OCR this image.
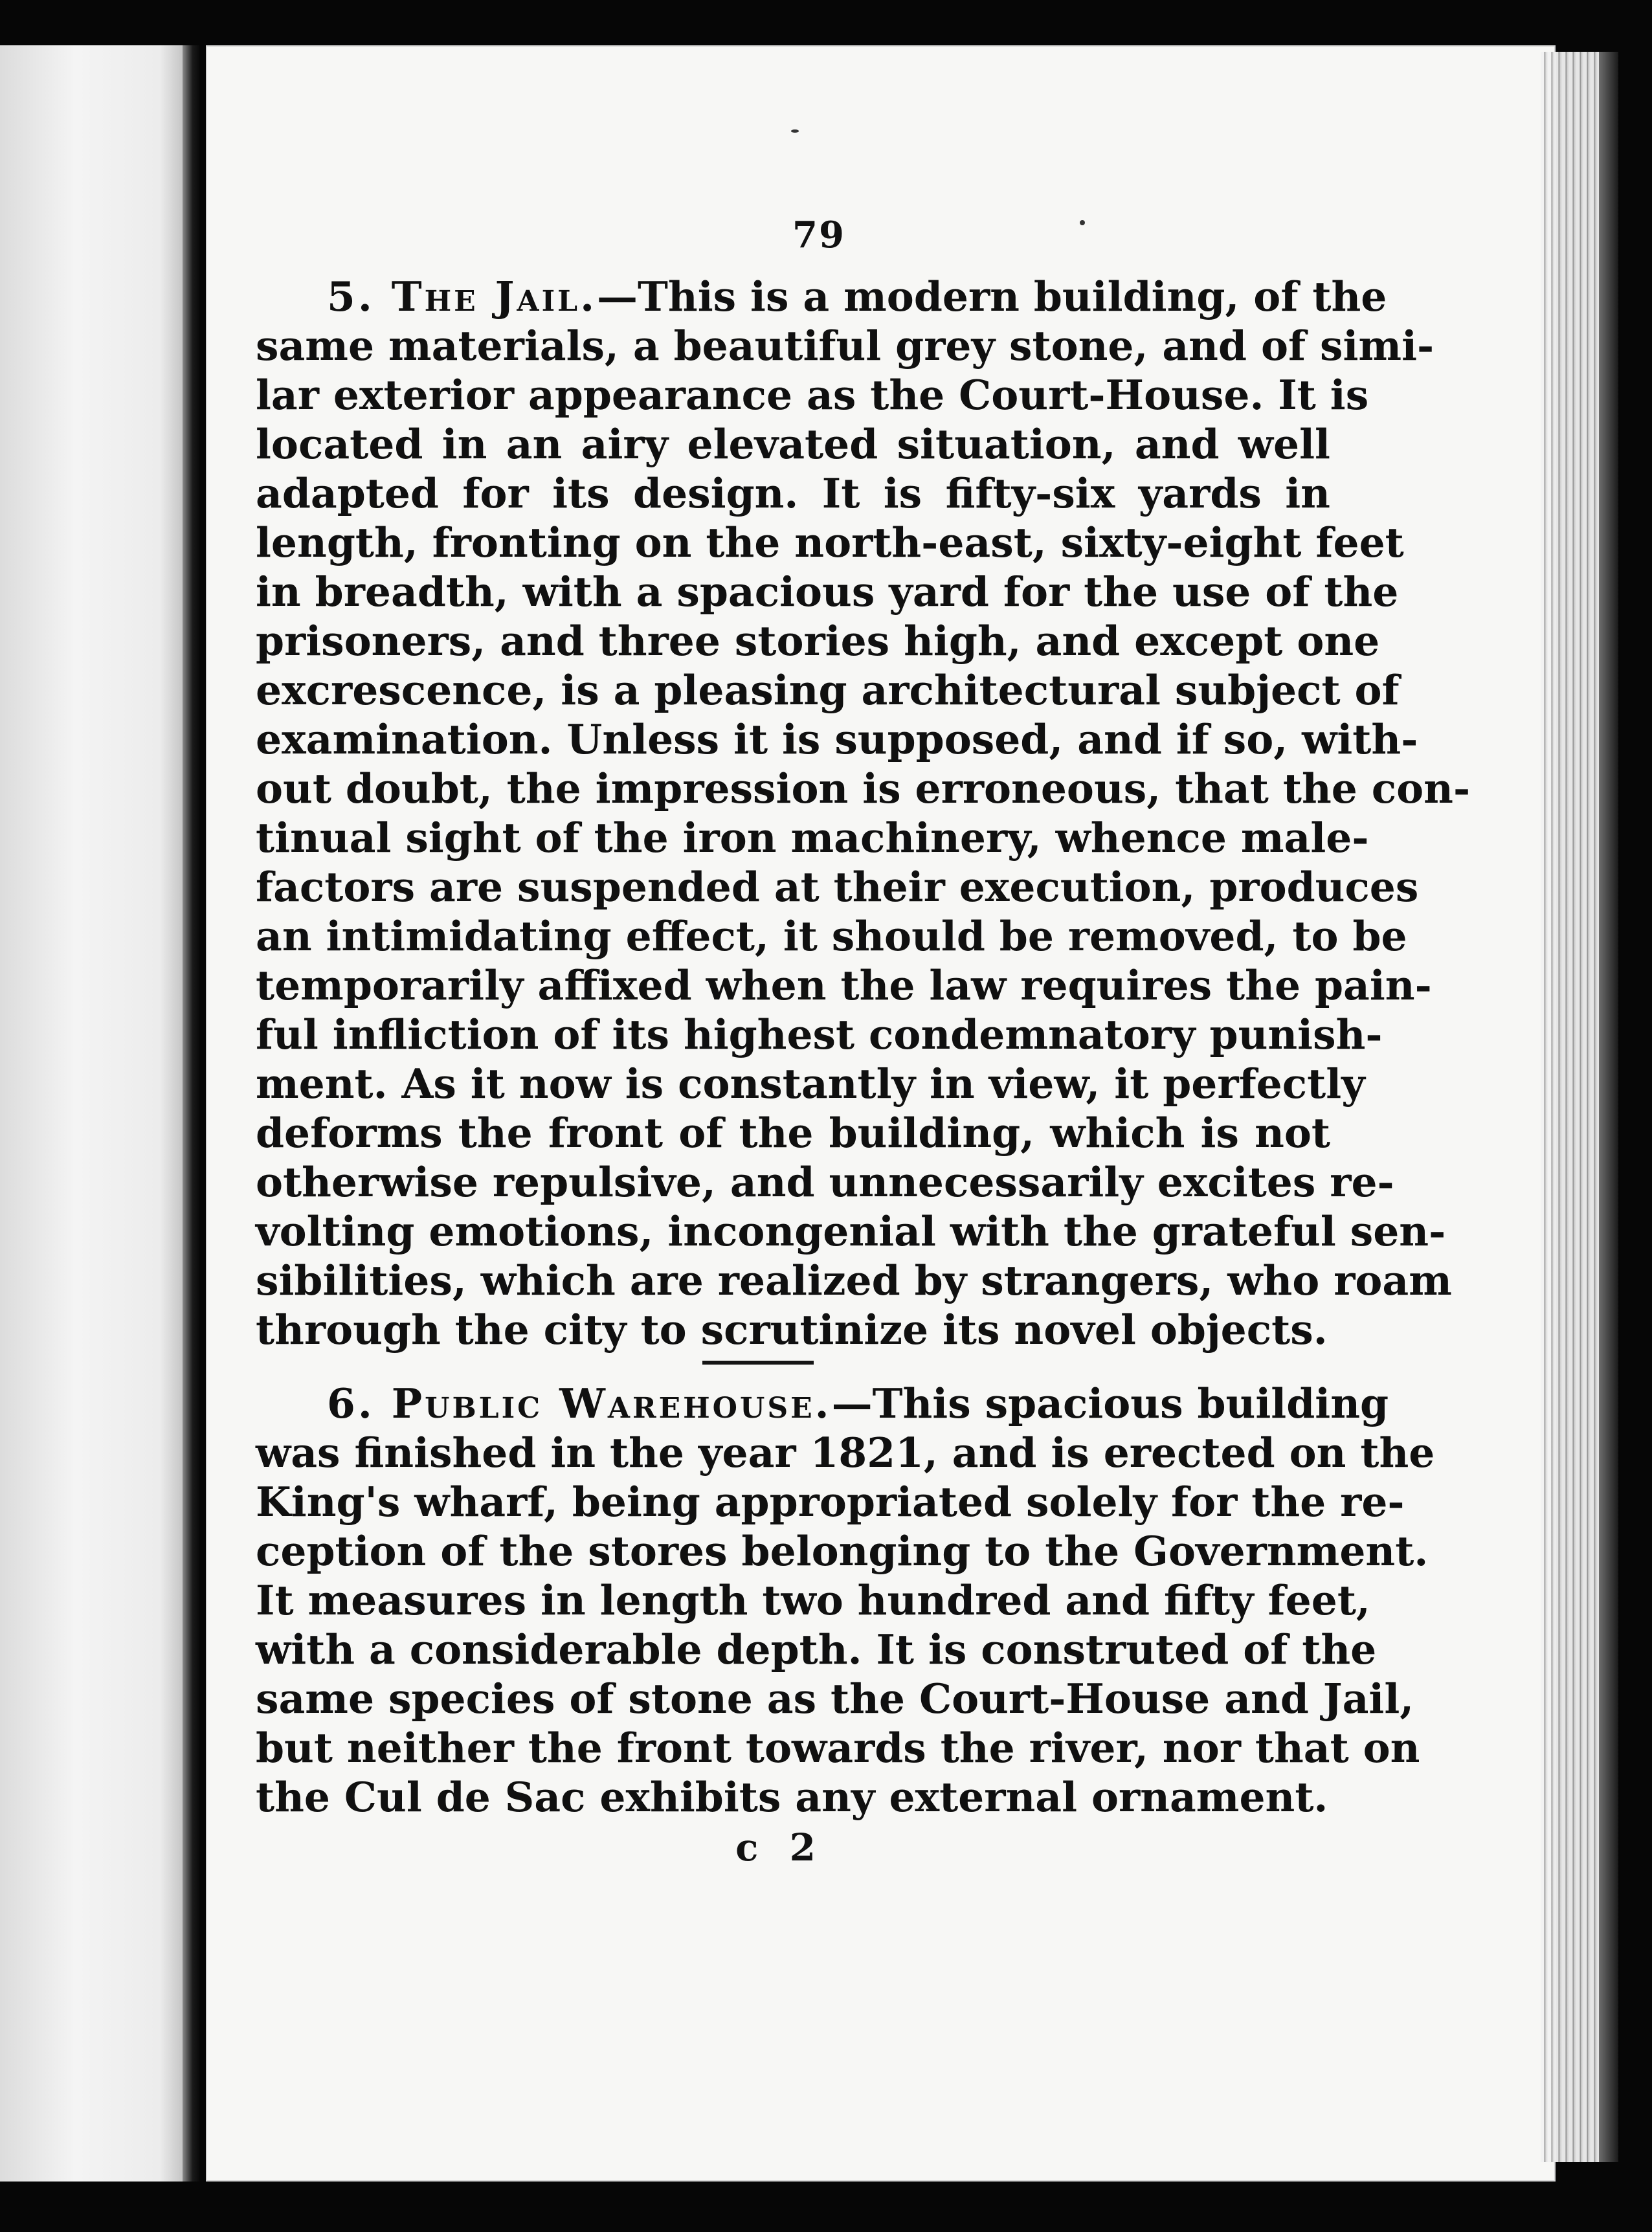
79
5. The Jail.—This is a modern building, of the
same materials, a beautiful grey stone, and of simi-
lar exterior appearance as the Court-House. It is
located in an airy elevated situation, and well
adapted for its design. It is fifty-six yards in
length, fronting on the north-east, sixty-eight feet
in breadth, with a spacious yard for the use of the
prisoners, and three stories high, and except one
excrescence, is a pleasing architectural subject of
examination. Unless it is supposed, and if so, with-
out doubt, the impression is erroneous, that the con-
tinual sight of the iron machinery, whence male-
factors are suspended at their execution, produces
an intimidating effect, it should be removed, to be
temporarily affixed when the law requires the pain-
ful infliction of its highest condemnatory punish-
ment. As it now is constantly in view, it perfectly
deforms the front of the building, which is not
otherwise repulsive, and unnecessarily excites re-
volting emotions, incongenial with the grateful sen-
sibilities, which are realized by strangers, who roam
through the city to scrutinize its novel objects.
6. Public Warehouse.—This spacious building
was finished in the year 1821, and is erected on the
King's wharf, being appropriated solely for the re-
ception of the stores belonging to the Government.
It measures in length two hundred and fifty feet,
with a considerable depth. It is construted of the
same species of stone as the Court-House and Jail,
but neither the front towards the river, nor that on
the Cul de Sac exhibits any external ornament.
c 2
